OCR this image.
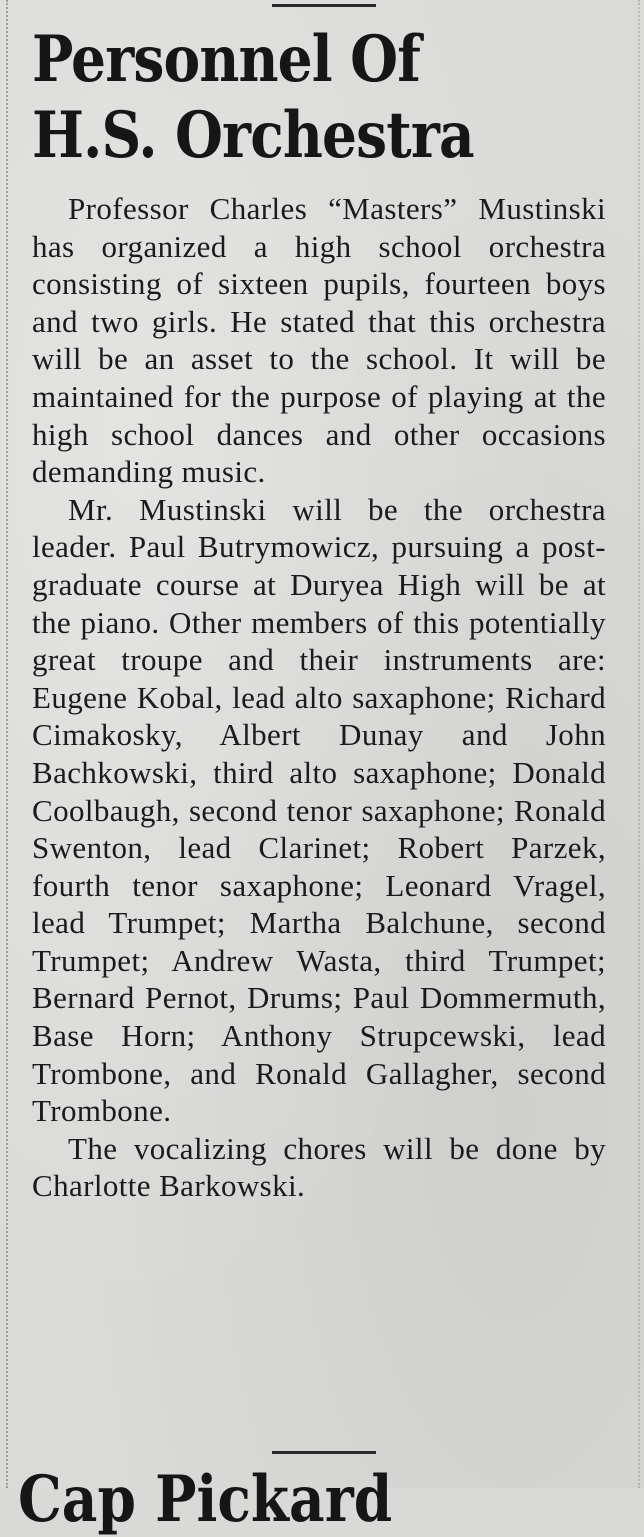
Personnel Of
H.S. Orchestra

Professor Charles “Masters” Mustinski has organized a high school orchestra consisting of sixteen pupils, fourteen boys and two girls. He stated that this orchestra will be an asset to the school. It will be maintained for the purpose of playing at the high school dances and other occasions demanding music.

Mr. Mustinski will be the orchestra leader. Paul Butrymowicz, pursuing a post-graduate course at Duryea High will be at the piano. Other members of this potentially great troupe and their instruments are: Eugene Kobal, lead alto saxaphone; Richard Cimakosky, Albert Dunay and John Bachkowski, third alto saxaphone; Donald Coolbaugh, second tenor saxaphone; Ronald Swenton, lead Clarinet; Robert Parzek, fourth tenor saxaphone; Leonard Vragel, lead Trumpet; Martha Balchune, second Trumpet; Andrew Wasta, third Trumpet; Bernard Pernot, Drums; Paul Dommermuth, Base Horn; Anthony Strupcewski, lead Trombone, and Ronald Gallagher, second Trombone.

The vocalizing chores will be done by Charlotte Barkowski.

Cap Pickard
